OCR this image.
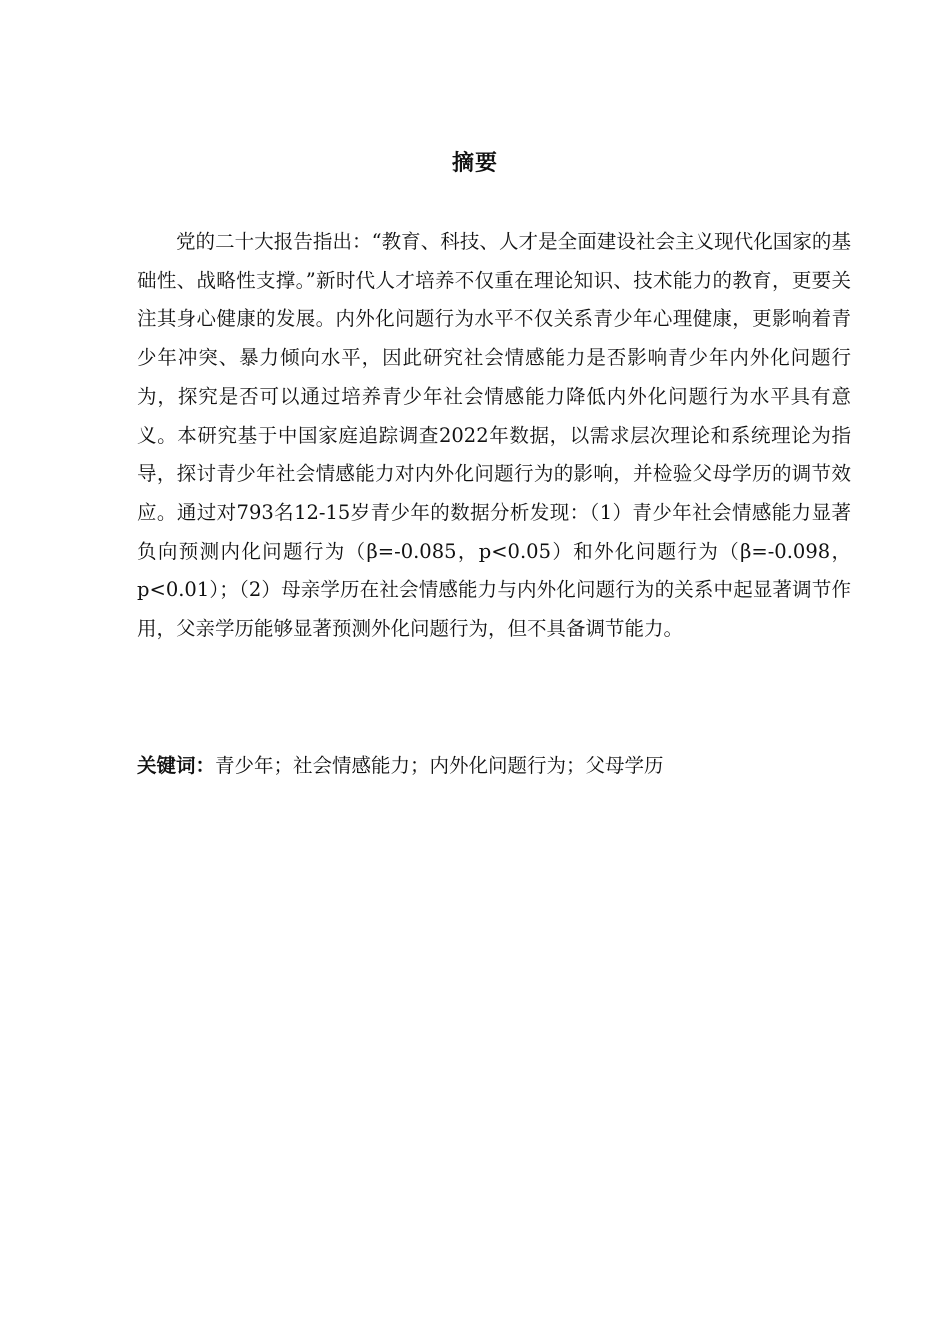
摘要

党的二十大报告指出：“教育、科技、人才是全面建设社会主义现代化国家的基础性、战略性支撑。”新时代人才培养不仅重在理论知识、技术能力的教育，更要关注其身心健康的发展。内外化问题行为水平不仅关系青少年心理健康，更影响着青少年冲突、暴力倾向水平，因此研究社会情感能力是否影响青少年内外化问题行为，探究是否可以通过培养青少年社会情感能力降低内外化问题行为水平具有意义。本研究基于中国家庭追踪调查2022年数据，以需求层次理论和系统理论为指导，探讨青少年社会情感能力对内外化问题行为的影响，并检验父母学历的调节效应。通过对793名12-15岁青少年的数据分析发现：（1）青少年社会情感能力显著负向预测内化问题行为（β=-0.085，p<0.05）和外化问题行为（β=-0.098，p<0.01）；（2）母亲学历在社会情感能力与内外化问题行为的关系中起显著调节作用，父亲学历能够显著预测外化问题行为，但不具备调节能力。

关键词：青少年；社会情感能力；内外化问题行为；父母学历
